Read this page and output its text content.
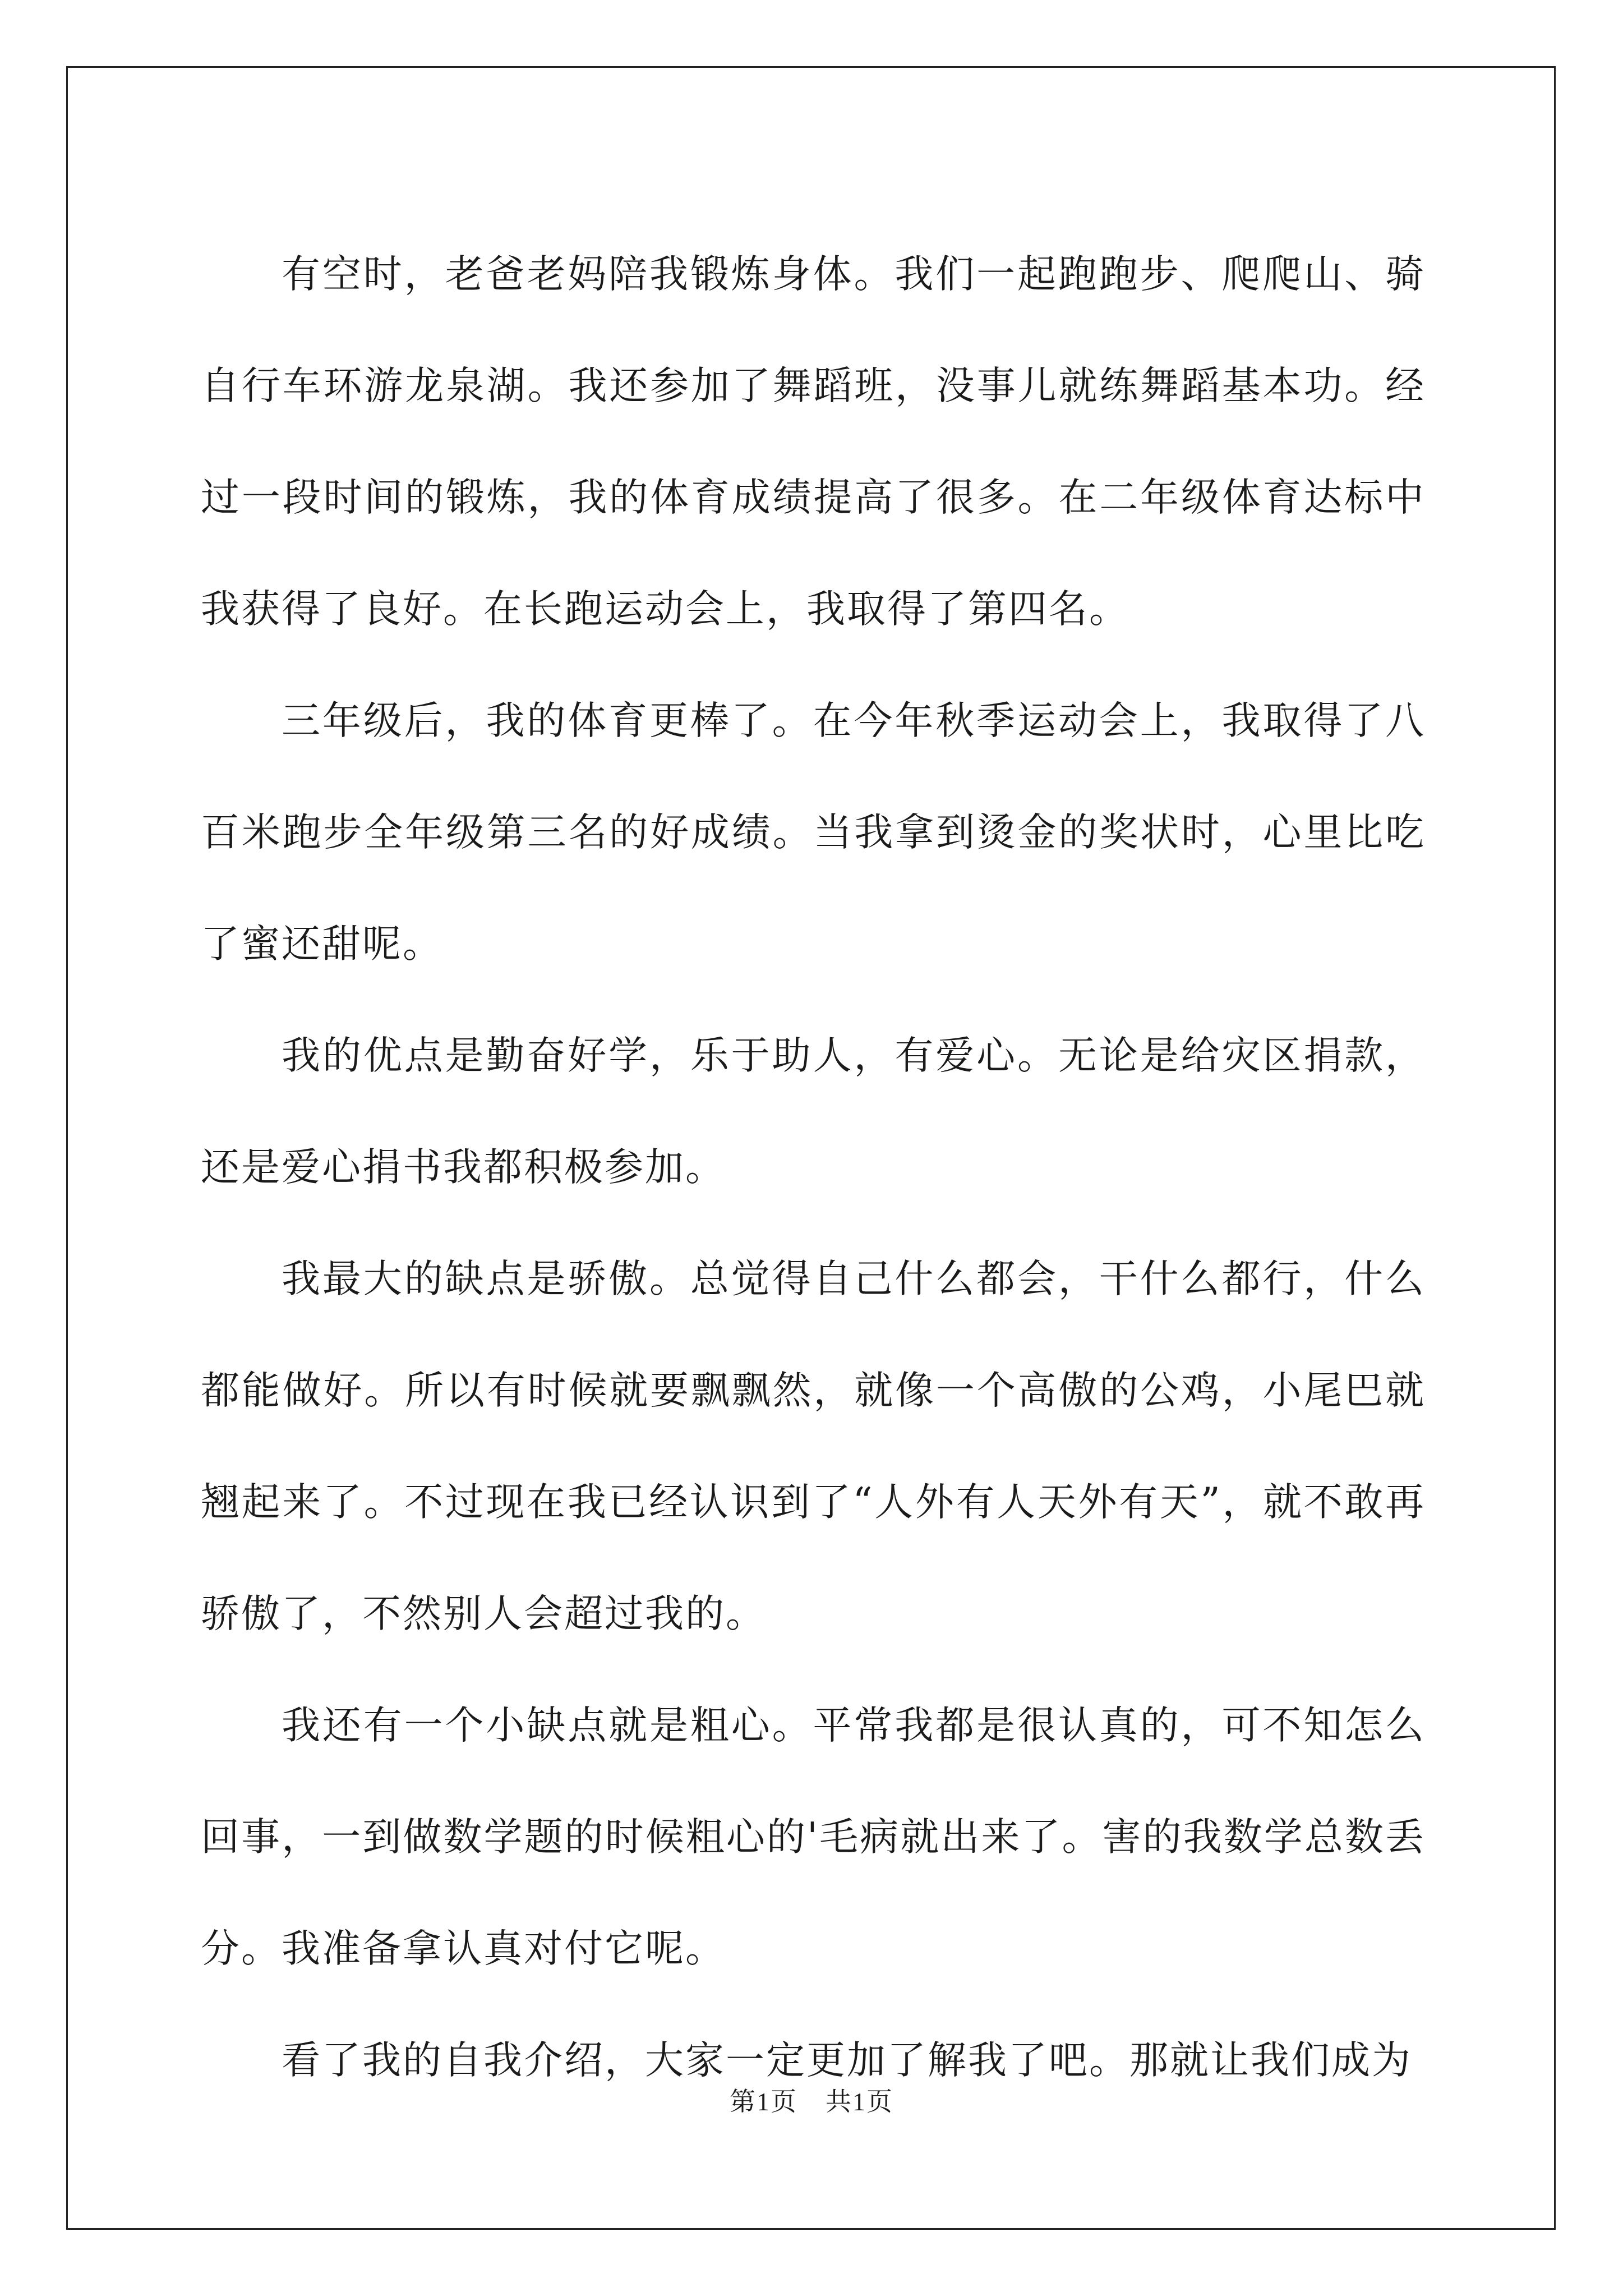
有空时，老爸老妈陪我锻炼身体。我们一起跑跑步、爬爬山、骑自行车环游龙泉湖。我还参加了舞蹈班，没事儿就练舞蹈基本功。经过一段时间的锻炼，我的体育成绩提高了很多。在二年级体育达标中我获得了良好。在长跑运动会上，我取得了第四名。

三年级后，我的体育更棒了。在今年秋季运动会上，我取得了八百米跑步全年级第三名的好成绩。当我拿到烫金的奖状时，心里比吃了蜜还甜呢。

我的优点是勤奋好学，乐于助人，有爱心。无论是给灾区捐款，还是爱心捐书我都积极参加。

我最大的缺点是骄傲。总觉得自己什么都会，干什么都行，什么都能做好。所以有时候就要飘飘然，就像一个高傲的公鸡，小尾巴就翘起来了。不过现在我已经认识到了“人外有人天外有天”，就不敢再骄傲了，不然别人会超过我的。

我还有一个小缺点就是粗心。平常我都是很认真的，可不知怎么回事，一到做数学题的时候粗心的'毛病就出来了。害的我数学总数丢分。我准备拿认真对付它呢。

看了我的自我介绍，大家一定更加了解我了吧。那就让我们成为

第1页 共1页
